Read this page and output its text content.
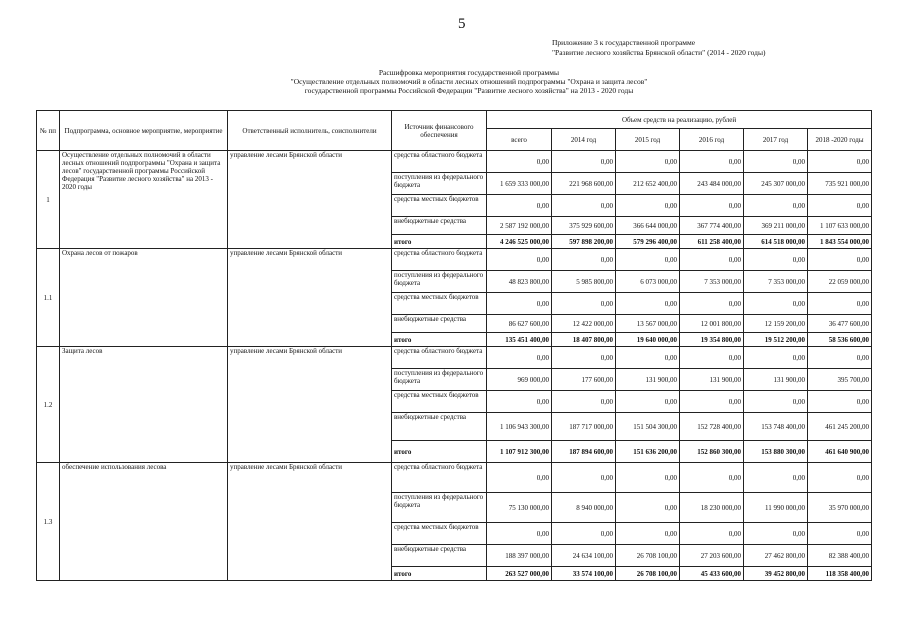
5
Приложение 3 к государственной программе
"Развитие лесного хозяйства Брянской области" (2014 - 2020 годы)
Расшифровка мероприятия государственной программы
"Осуществление отдельных полномочий в области лесных отношений подпрограммы "Охрана и защита лесов"
государственной программы Российской Федерации "Развитие лесного хозяйства" на 2013 - 2020 годы
№ пп	Подпрограмма, основное мероприятие, мероприятие	Ответственный исполнитель, соисполнители	Источник финансового обеспечения	Объем средств на реализацию, рублей					
				всего	2014 год	2015 год	2016 год	2017 год	2018 -2020 годы
1	Осуществление отдельных полномочий в области лесных отношений подпрограммы "Охрана и защита лесов" государственной программы Российской Федерация "Развитие лесного хозяйства" на 2013 - 2020 годы	управление лесами Брянской области	средства областного бюджета	0,00	0,00	0,00	0,00	0,00	0,00
			поступления из федерального бюджета	1 659 333 000,00	221 968 600,00	212 652 400,00	243 484 000,00	245 307 000,00	735 921 000,00
			средства местных бюджетов	0,00	0,00	0,00	0,00	0,00	0,00
			внебюджетные средства	2 587 192 000,00	375 929 600,00	366 644 000,00	367 774 400,00	369 211 000,00	1 107 633 000,00
			итого	4 246 525 000,00	597 898 200,00	579 296 400,00	611 258 400,00	614 518 000,00	1 843 554 000,00
1.1	Охрана лесов от пожаров	управление лесами Брянской области	средства областного бюджета	0,00	0,00	0,00	0,00	0,00	0,00
			поступления из федерального бюджета	48 823 800,00	5 985 800,00	6 073 000,00	7 353 000,00	7 353 000,00	22 059 000,00
			средства местных бюджетов	0,00	0,00	0,00	0,00	0,00	0,00
			внебюджетные средства	86 627 600,00	12 422 000,00	13 567 000,00	12 001 800,00	12 159 200,00	36 477 600,00
			итого	135 451 400,00	18 407 800,00	19 640 000,00	19 354 800,00	19 512 200,00	58 536 600,00
1.2	Защита лесов	управление лесами Брянской области	средства областного бюджета	0,00	0,00	0,00	0,00	0,00	0,00
			поступления из федерального бюджета	969 000,00	177 600,00	131 900,00	131 900,00	131 900,00	395 700,00
			средства местных бюджетов	0,00	0,00	0,00	0,00	0,00	0,00
			внебюджетные средства	1 106 943 300,00	187 717 000,00	151 504 300,00	152 728 400,00	153 748 400,00	461 245 200,00
			итого	1 107 912 300,00	187 894 600,00	151 636 200,00	152 860 300,00	153 880 300,00	461 640 900,00
1.3	обеспечение использования лесова	управление лесами Брянской области	средства областного бюджета	0,00	0,00	0,00	0,00	0,00	0,00
			поступления из федерального бюджета	75 130 000,00	8 940 000,00	0,00	18 230 000,00	11 990 000,00	35 970 000,00
			средства местных бюджетов	0,00	0,00	0,00	0,00	0,00	0,00
			внебюджетные средства	188 397 000,00	24 634 100,00	26 708 100,00	27 203 600,00	27 462 800,00	82 388 400,00
			итого	263 527 000,00	33 574 100,00	26 708 100,00	45 433 600,00	39 452 800,00	118 358 400,00
